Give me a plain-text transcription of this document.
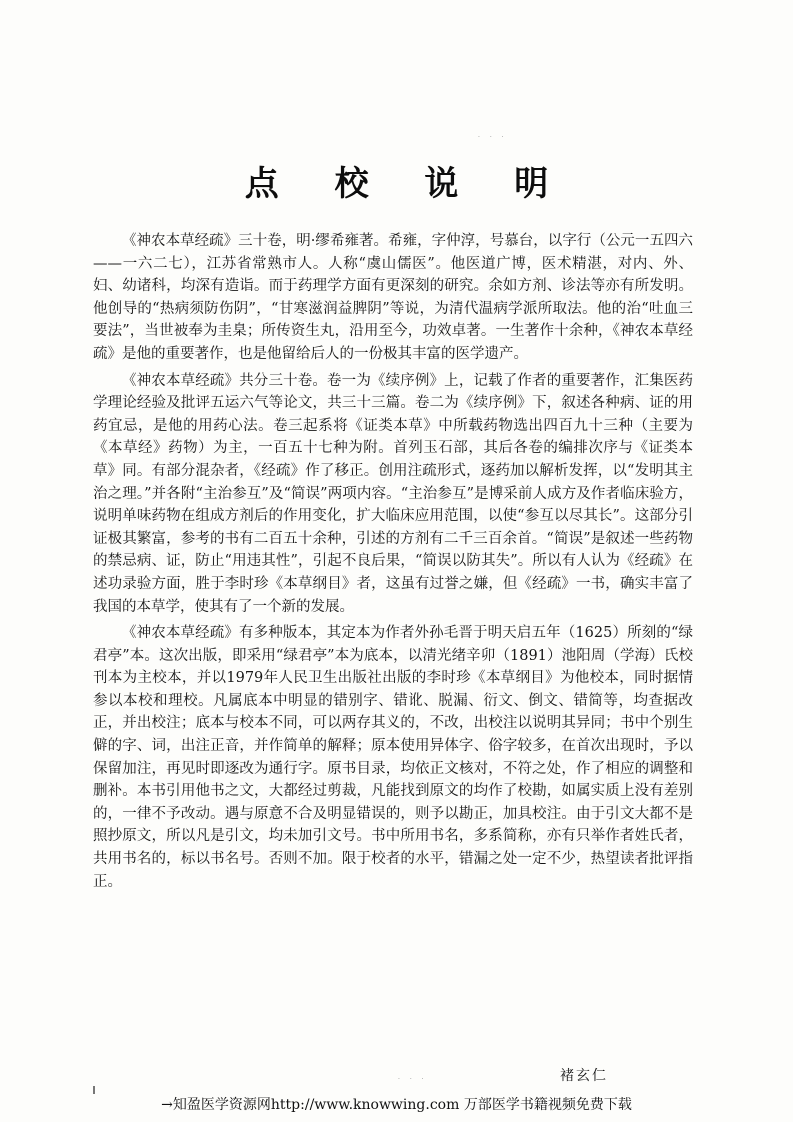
· · ·
点 校 说 明

《神农本草经疏》三十卷，明·缪希雍著。希雍，字仲淳，号慕台，以字行（公元一五四六——一六二七），江苏省常熟市人。人称“虞山儒医”。他医道广博，医术精湛，对内、外、妇、幼诸科，均深有造诣。而于药理学方面有更深刻的研究。余如方剂、诊法等亦有所发明。他创导的“热病须防伤阴”，“甘寒滋润益脾阴”等说，为清代温病学派所取法。他的治“吐血三要法”，当世被奉为圭臬；所传资生丸，沿用至今，功效卓著。一生著作十余种，《神农本草经疏》是他的重要著作，也是他留给后人的一份极其丰富的医学遗产。

《神农本草经疏》共分三十卷。卷一为《续序例》上，记载了作者的重要著作，汇集医药学理论经验及批评五运六气等论文，共三十三篇。卷二为《续序例》下，叙述各种病、证的用药宜忌，是他的用药心法。卷三起系将《证类本草》中所载药物选出四百九十三种（主要为《本草经》药物）为主，一百五十七种为附。首列玉石部，其后各卷的编排次序与《证类本草》同。有部分混杂者，《经疏》作了移正。创用注疏形式，逐药加以解析发挥，以“发明其主治之理。”并各附“主治参互”及“简误”两项内容。“主治参互”是博采前人成方及作者临床验方，说明单味药物在组成方剂后的作用变化，扩大临床应用范围，以使“参互以尽其长”。这部分引证极其繁富，参考的书有二百五十余种，引述的方剂有二千三百余首。“简误”是叙述一些药物的禁忌病、证，防止“用违其性”，引起不良后果，“简误以防其失”。所以有人认为《经疏》在述功录验方面，胜于李时珍《本草纲目》者，这虽有过誉之嫌，但《经疏》一书，确实丰富了我国的本草学，使其有了一个新的发展。

《神农本草经疏》有多种版本，其定本为作者外孙毛晋于明天启五年（1625）所刻的“绿君亭”本。这次出版，即采用“绿君亭”本为底本，以清光绪辛卯（1891）池阳周（学海）氏校刊本为主校本，并以1979年人民卫生出版社出版的李时珍《本草纲目》为他校本，同时据情参以本校和理校。凡属底本中明显的错别字、错讹、脱漏、衍文、倒文、错简等，均查据改正，并出校注；底本与校本不同，可以两存其义的，不改，出校注以说明其异同；书中个别生僻的字、词，出注正音，并作简单的解释；原本使用异体字、俗字较多，在首次出现时，予以保留加注，再见时即逐改为通行字。原书目录，均依正文核对，不符之处，作了相应的调整和删补。本书引用他书之文，大都经过剪裁，凡能找到原文的均作了校勘，如属实质上没有差别的，一律不予改动。遇与原意不合及明显错误的，则予以勘正，加具校注。由于引文大都不是照抄原文，所以凡是引文，均未加引文号。书中所用书名，多系简称，亦有只举作者姓氏者，共用书名的，标以书名号。否则不加。限于校者的水平，错漏之处一定不少，热望读者批评指正。

褚玄仁
· · ·
→知盈医学资源网http://www.knowwing.com 万部医学书籍视频免费下载
